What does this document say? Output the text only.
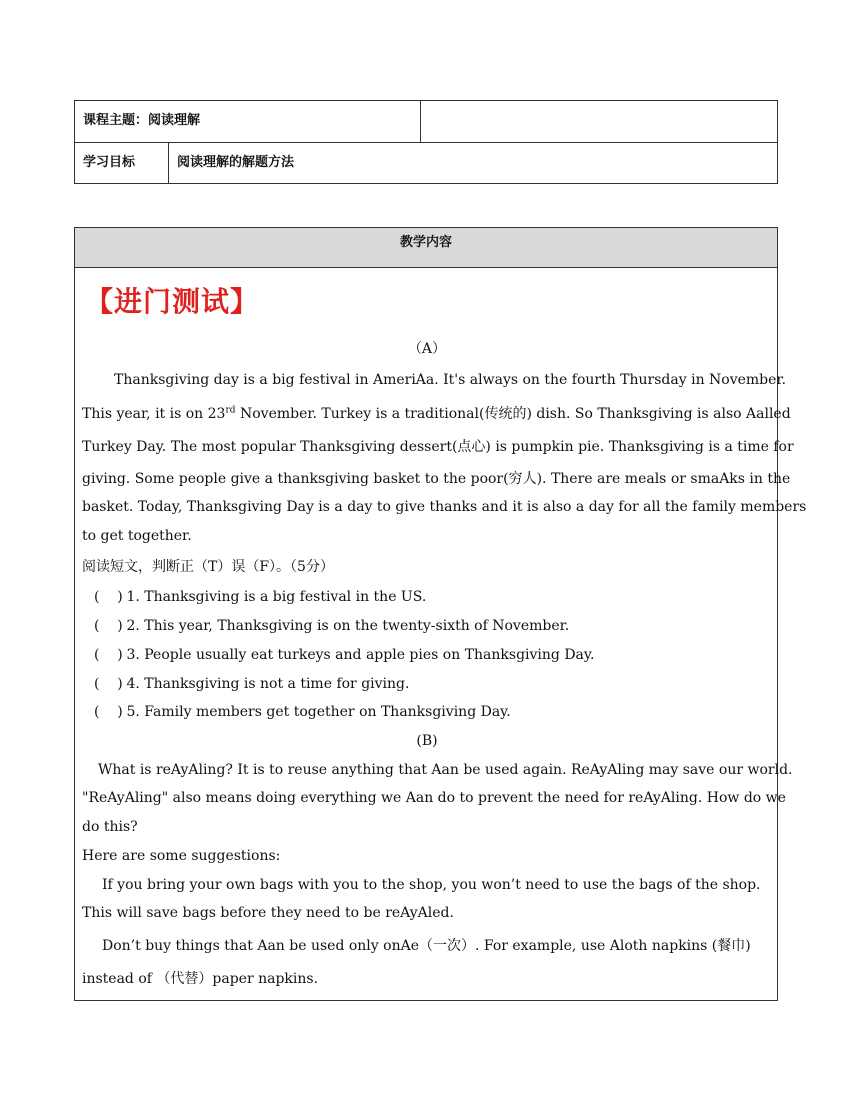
课程主题：阅读理解
学习目标	阅读理解的解题方法
教学内容
【进门测试】
（A）
Thanksgiving day is a big festival in AmeriAa. It's always on the fourth Thursday in November.
This year, it is on 23rd November. Turkey is a traditional(传统的) dish. So Thanksgiving is also Aalled
Turkey Day. The most popular Thanksgiving dessert(点心) is pumpkin pie. Thanksgiving is a time for
giving. Some people give a thanksgiving basket to the poor(穷人). There are meals or smaAks in the
basket. Today, Thanksgiving Day is a day to give thanks and it is also a day for all the family members
to get together.
阅读短文，判断正（T）误（F）。（5分）
( ) 1. Thanksgiving is a big festival in the US.
( ) 2. This year, Thanksgiving is on the twenty-sixth of November.
( ) 3. People usually eat turkeys and apple pies on Thanksgiving Day.
( ) 4. Thanksgiving is not a time for giving.
( ) 5. Family members get together on Thanksgiving Day.
(B)
What is reAyAling? It is to reuse anything that Aan be used again. ReAyAling may save our world.
"ReAyAling" also means doing everything we Aan do to prevent the need for reAyAling. How do we
do this?
Here are some suggestions:
If you bring your own bags with you to the shop, you won’t need to use the bags of the shop.
This will save bags before they need to be reAyAled.
Don’t buy things that Aan be used only onAe（一次）. For example, use Aloth napkins (餐巾)
instead of （代替）paper napkins.
